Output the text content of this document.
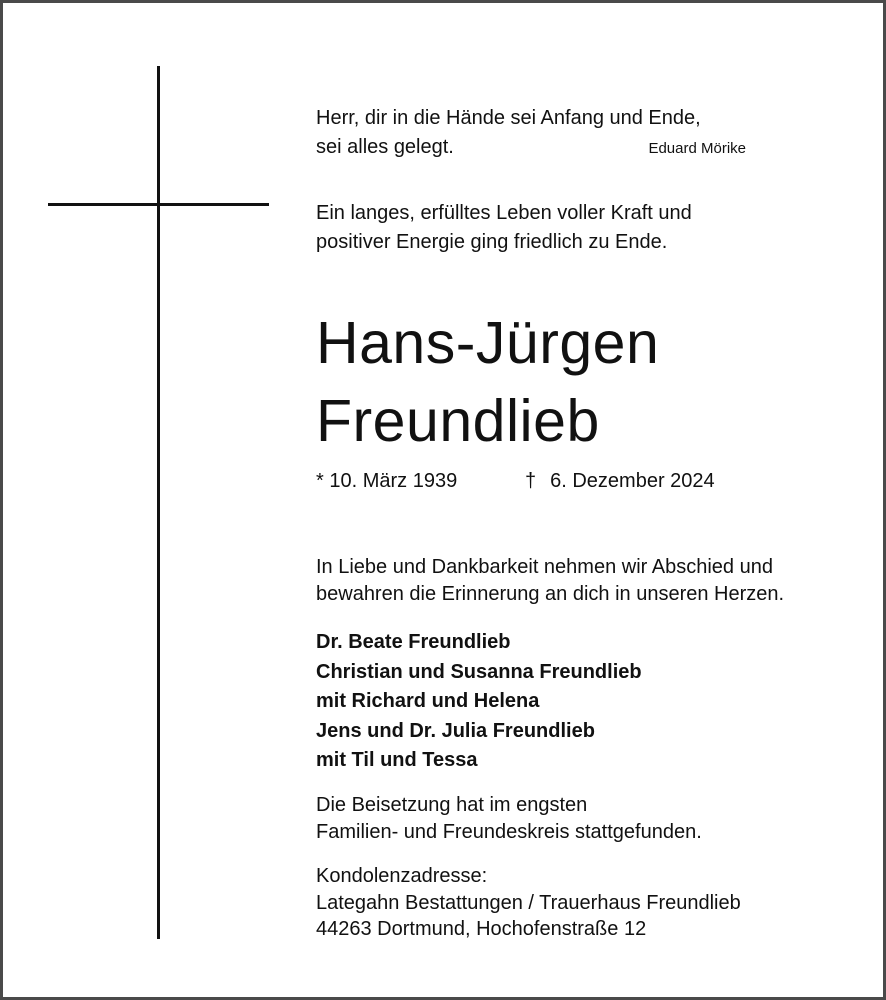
Herr, dir in die Hände sei Anfang und Ende,
sei alles gelegt.	Eduard Mörike
Ein langes, erfülltes Leben voller Kraft und
positiver Energie ging friedlich zu Ende.
Hans-Jürgen
Freundlieb
* 10. März 1939	† 6. Dezember 2024
In Liebe und Dankbarkeit nehmen wir Abschied und
bewahren die Erinnerung an dich in unseren Herzen.
Dr. Beate Freundlieb
Christian und Susanna Freundlieb
mit Richard und Helena
Jens und Dr. Julia Freundlieb
mit Til und Tessa
Die Beisetzung hat im engsten
Familien- und Freundeskreis stattgefunden.
Kondolenzadresse:
Lategahn Bestattungen / Trauerhaus Freundlieb
44263 Dortmund, Hochofenstraße 12
